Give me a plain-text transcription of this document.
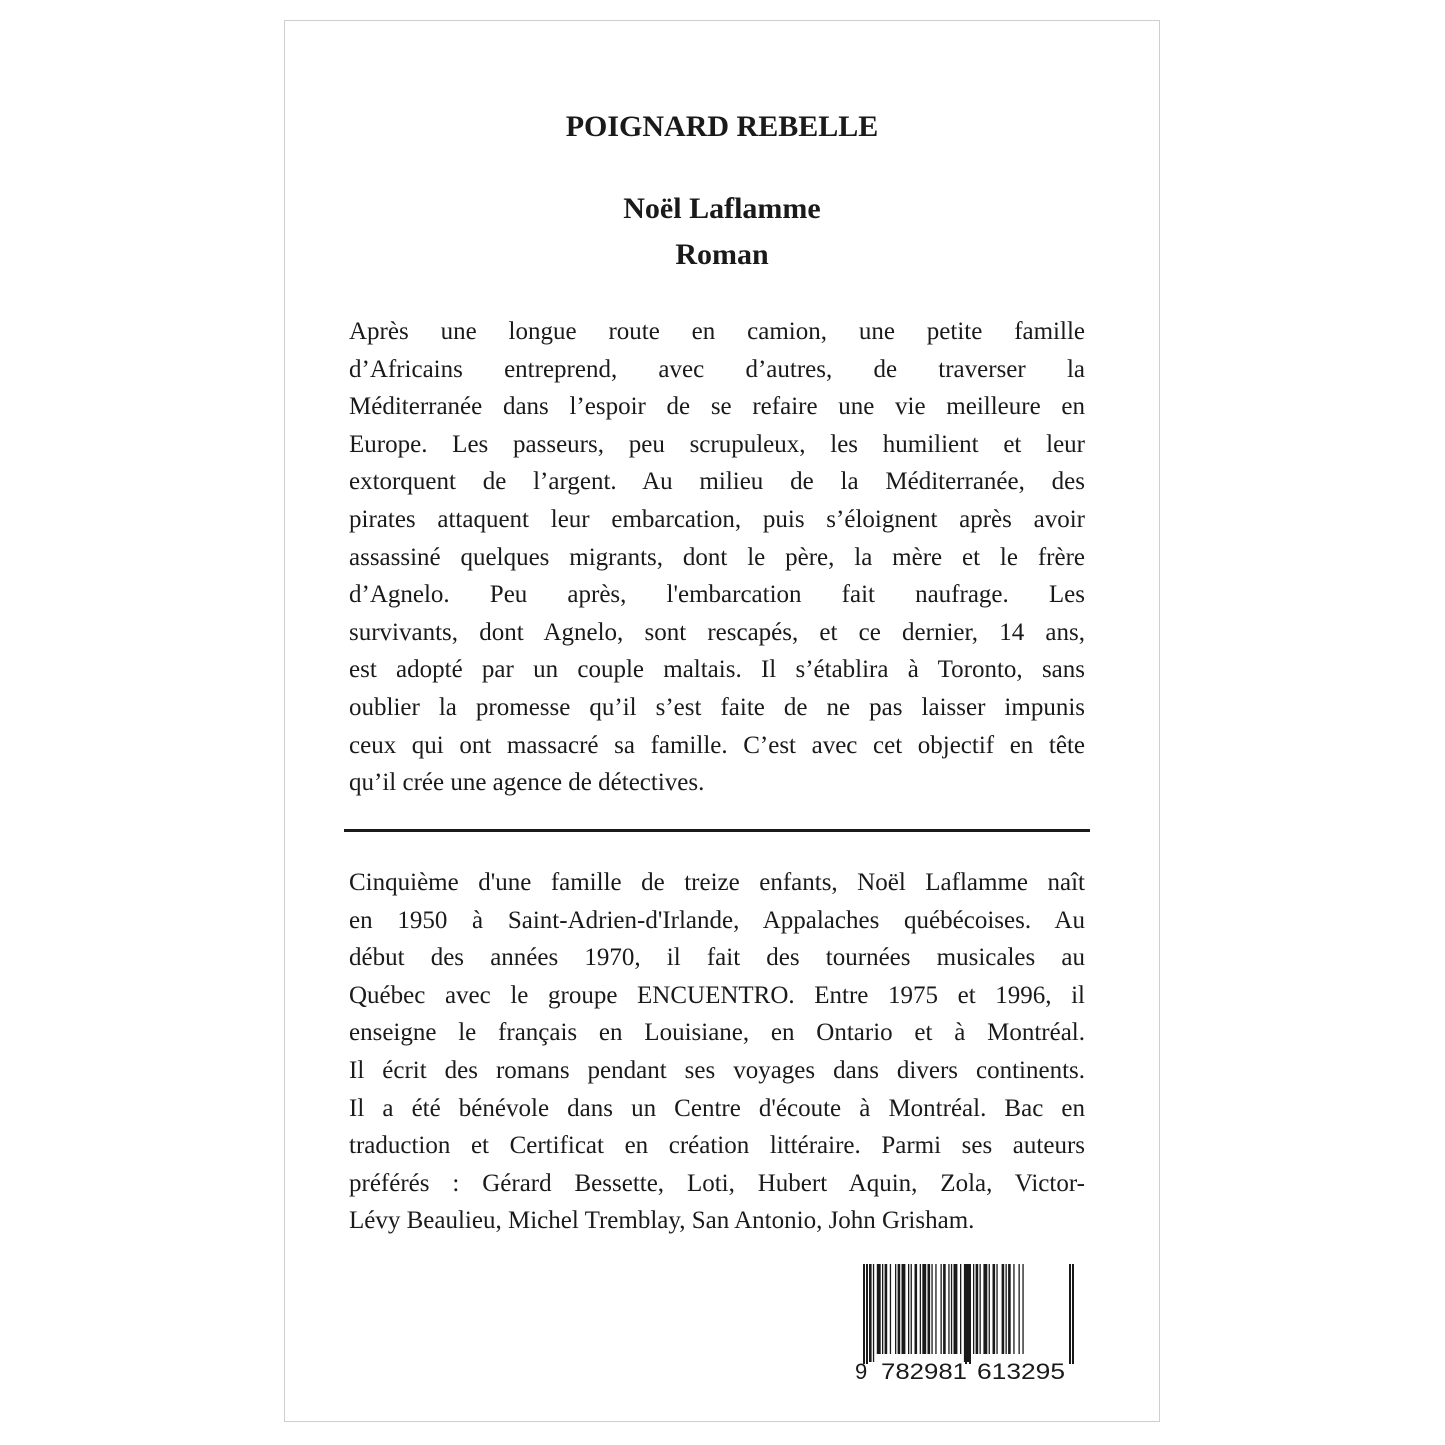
POIGNARD REBELLE
Noël Laflamme
Roman
Après une longue route en camion, une petite famille
d’Africains entreprend, avec d’autres, de traverser la
Méditerranée dans l’espoir de se refaire une vie meilleure en
Europe. Les passeurs, peu scrupuleux, les humilient et leur
extorquent de l’argent. Au milieu de la Méditerranée, des
pirates attaquent leur embarcation, puis s’éloignent après avoir
assassiné quelques migrants, dont le père, la mère et le frère
d’Agnelo. Peu après, l'embarcation fait naufrage. Les
survivants, dont Agnelo, sont rescapés, et ce dernier, 14 ans,
est adopté par un couple maltais. Il s’établira à Toronto, sans
oublier la promesse qu’il s’est faite de ne pas laisser impunis
ceux qui ont massacré sa famille. C’est avec cet objectif en tête
qu’il crée une agence de détectives.
Cinquième d'une famille de treize enfants, Noël Laflamme naît
en 1950 à Saint-Adrien-d'Irlande, Appalaches québécoises. Au
début des années 1970, il fait des tournées musicales au
Québec avec le groupe ENCUENTRO. Entre 1975 et 1996, il
enseigne le français en Louisiane, en Ontario et à Montréal.
Il écrit des romans pendant ses voyages dans divers continents.
Il a été bénévole dans un Centre d'écoute à Montréal. Bac en
traduction et Certificat en création littéraire. Parmi ses auteurs
préférés : Gérard Bessette, Loti, Hubert Aquin, Zola, Victor-
Lévy Beaulieu, Michel Tremblay, San Antonio, John Grisham.
9 782981 613295
